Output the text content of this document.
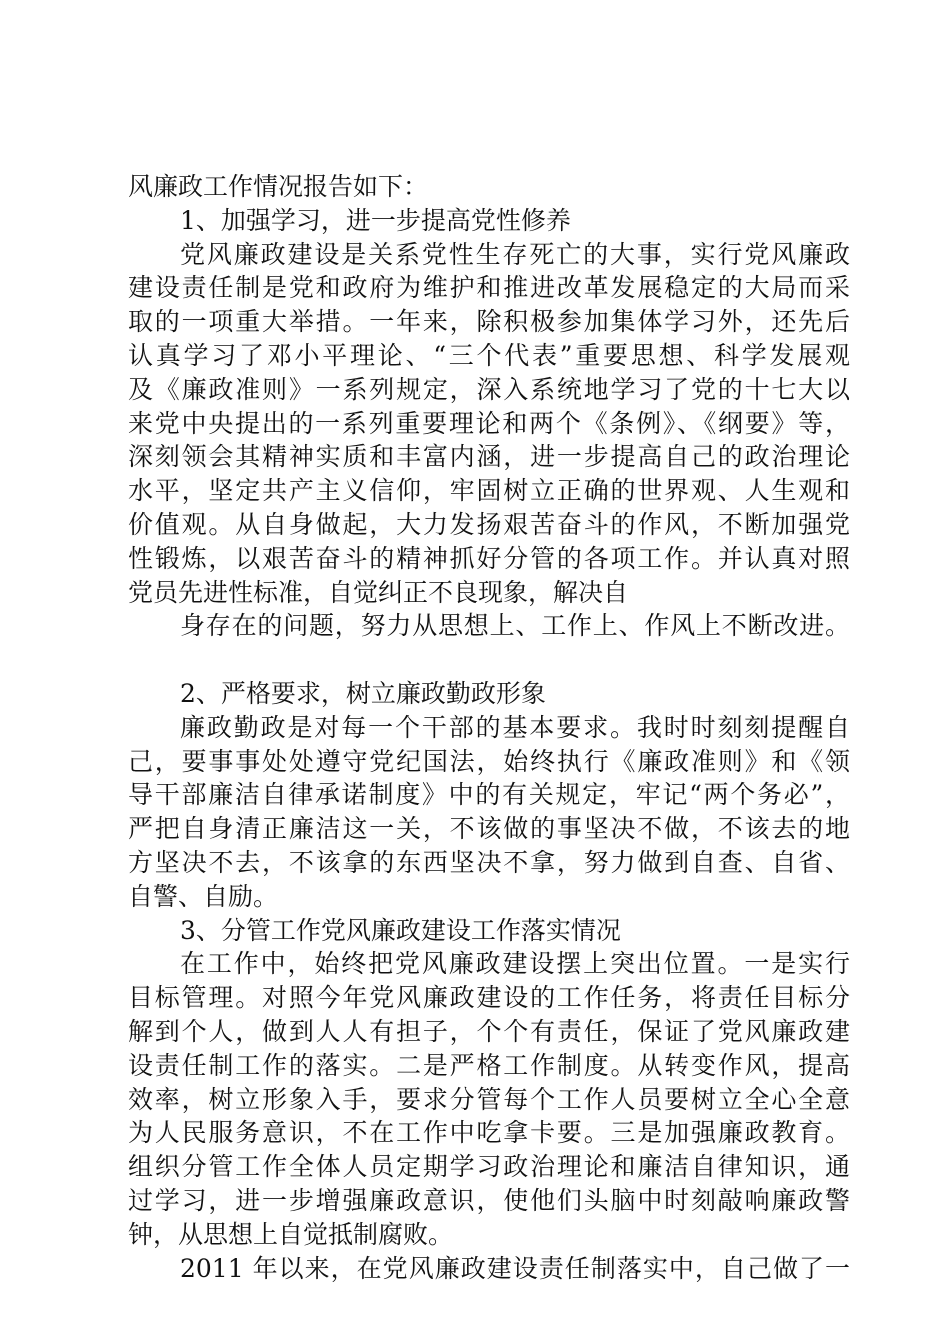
风廉政工作情况报告如下：
1、加强学习，进一步提高党性修养
党风廉政建设是关系党性生存死亡的大事，实行党风廉政
建设责任制是党和政府为维护和推进改革发展稳定的大局而采
取的一项重大举措。一年来，除积极参加集体学习外，还先后
认真学习了邓小平理论、“三个代表”重要思想、科学发展观
及《廉政准则》一系列规定，深入系统地学习了党的十七大以
来党中央提出的一系列重要理论和两个《条例》、《纲要》等，
深刻领会其精神实质和丰富内涵，进一步提高自己的政治理论
水平，坚定共产主义信仰，牢固树立正确的世界观、人生观和
价值观。从自身做起，大力发扬艰苦奋斗的作风，不断加强党
性锻炼，以艰苦奋斗的精神抓好分管的各项工作。并认真对照
党员先进性标准，自觉纠正不良现象，解决自
身存在的问题，努力从思想上、工作上、作风上不断改进。
2、严格要求，树立廉政勤政形象
廉政勤政是对每一个干部的基本要求。我时时刻刻提醒自
己，要事事处处遵守党纪国法，始终执行《廉政准则》和《领
导干部廉洁自律承诺制度》中的有关规定，牢记“两个务必”，
严把自身清正廉洁这一关，不该做的事坚决不做，不该去的地
方坚决不去，不该拿的东西坚决不拿，努力做到自查、自省、
自警、自励。
3、分管工作党风廉政建设工作落实情况
在工作中，始终把党风廉政建设摆上突出位置。一是实行
目标管理。对照今年党风廉政建设的工作任务，将责任目标分
解到个人，做到人人有担子，个个有责任，保证了党风廉政建
设责任制工作的落实。二是严格工作制度。从转变作风，提高
效率，树立形象入手，要求分管每个工作人员要树立全心全意
为人民服务意识，不在工作中吃拿卡要。三是加强廉政教育。
组织分管工作全体人员定期学习政治理论和廉洁自律知识，通
过学习，进一步增强廉政意识，使他们头脑中时刻敲响廉政警
钟，从思想上自觉抵制腐败。
2011 年以来，在党风廉政建设责任制落实中，自己做了一
